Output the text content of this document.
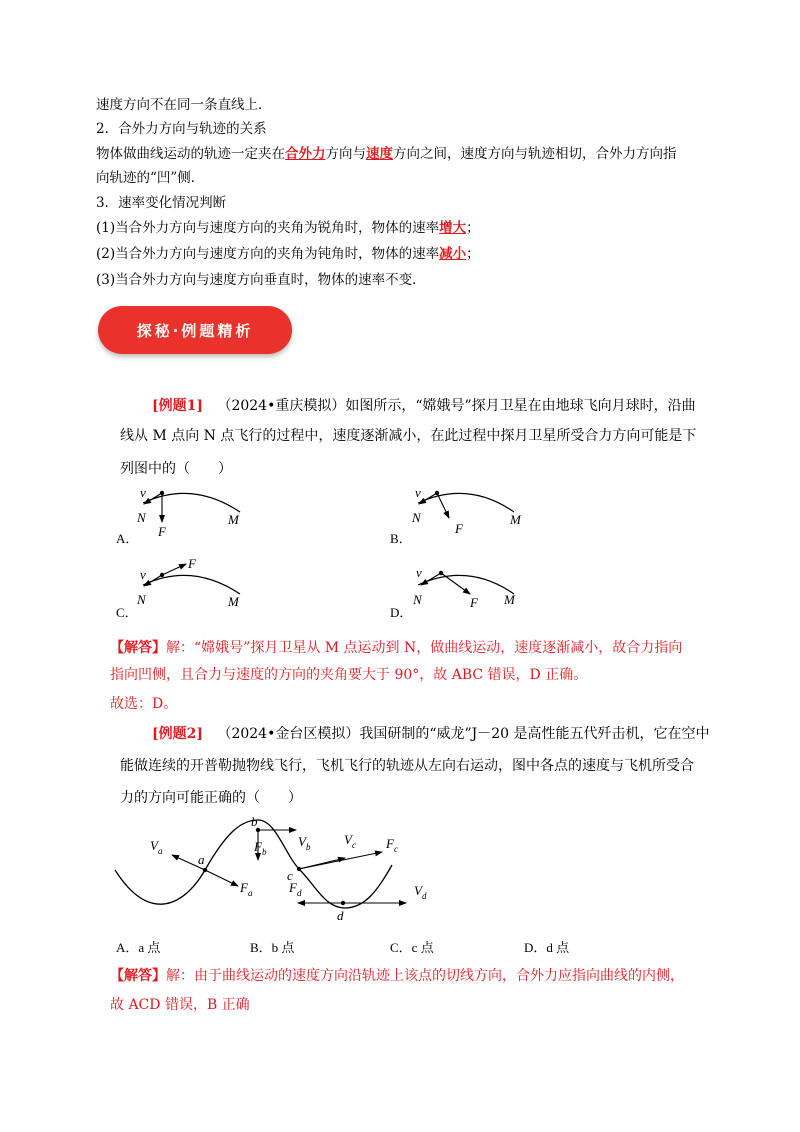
速度方向不在同一条直线上．
2．合外力方向与轨迹的关系
物体做曲线运动的轨迹一定夹在合外力方向与速度方向之间，速度方向与轨迹相切，合外力方向指
向轨迹的“凹”侧．
3．速率变化情况判断
(1)当合外力方向与速度方向的夹角为锐角时，物体的速率增大；
(2)当合外力方向与速度方向的夹角为钝角时，物体的速率减小；
(3)当合外力方向与速度方向垂直时，物体的速率不变．
探秘·例题精析
[例题1] （2024•重庆模拟）如图所示，“嫦娥号”探月卫星在由地球飞向月球时，沿曲
线从 M 点向 N 点飞行的过程中，速度逐渐减小，在此过程中探月卫星所受合力方向可能是下
列图中的（　　）
v
N
F
M
v
N
F
M
v
N
F
M
v
N	F M
A．	B．
C．	D．
【解答】解：“嫦娥号”探月卫星从 M 点运动到 N，做曲线运动，速度逐渐减小，故合力指向
指向凹侧，且合力与速度的方向的夹角要大于 90°，故 ABC 错误，D 正确。
故选：D。
[例题2] （2024•金台区模拟）我国研制的“威龙”J－20 是高性能五代歼击机，它在空中
能做连续的开普勒抛物线飞行，飞机飞行的轨迹从左向右运动，图中各点的速度与飞机所受合
力的方向可能正确的（　　）
a
$V_a$
$F_a$
b
$V_b$
$F_b$
c
$V_c$ $F_c$
d
$F_d$	$V_d$
A．a 点	B．b 点	C．c 点	D．d 点
【解答】解：由于曲线运动的速度方向沿轨迹上该点的切线方向，合外力应指向曲线的内侧，
故 ACD 错误，B 正确
